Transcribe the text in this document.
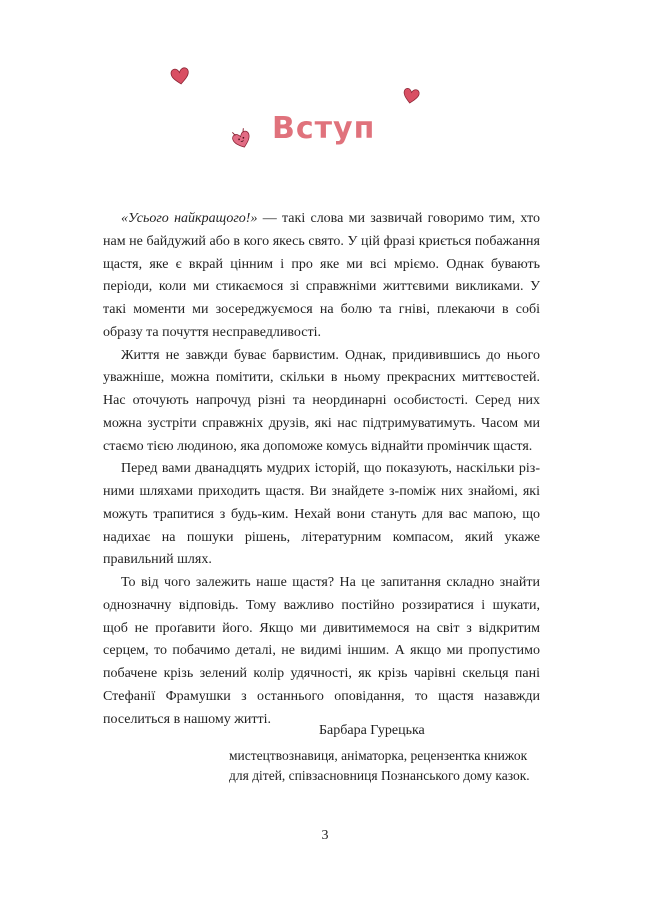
Вступ

«Усього найкращого!» — такі слова ми зазвичай говоримо тим, хто нам не байдужий або в кого якесь свято. У цій фразі криється побажання щастя, яке є вкрай цінним і про яке ми всі мріємо. Однак бувають періоди, коли ми стикаємося зі справжніми життєвими викликами. У такі моменти ми зосереджуємося на болю та гніві, плекаючи в собі образу та почуття несправедливості.

Життя не завжди буває барвистим. Однак, придивившись до нього уважніше, можна помітити, скільки в ньому прекрасних миттєвостей. Нас оточують напрочуд різні та неординарні особистості. Серед них можна зустріти справжніх друзів, які нас підтримуватимуть. Часом ми стаємо тією людиною, яка допоможе комусь віднайти промінчик щастя.

Перед вами дванадцять мудрих історій, що показують, наскільки різними шляхами приходить щастя. Ви знайдете з-поміж них знайомі, які можуть трапитися з будь-ким. Нехай вони стануть для вас мапою, що надихає на пошуки рішень, літературним компасом, який укаже правильний шлях.

То від чого залежить наше щастя? На це запитання складно знайти однозначну відповідь. Тому важливо постійно роззиратися і шукати, щоб не проґавити його. Якщо ми дивитимемося на світ з відкритим серцем, то побачимо деталі, не видимі іншим. А якщо ми пропустимо побачене крізь зелений колір удячності, як крізь чарівні скельця пані Стефанії Фрамушки з останнього оповідання, то щастя назавжди поселиться в нашому житті.

Барбара Гурецька
мистецтвознавиця, аніматорка, рецензентка книжок
для дітей, співзасновниця Познанського дому казок.
3
